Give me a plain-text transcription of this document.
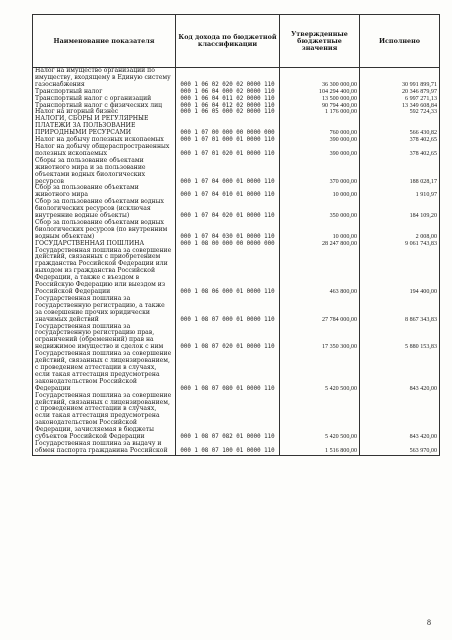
Наименование показателя	Код дохода по бюджетной классификации	Утвержденные бюджетные значения	Исполнено
Налог на имущество организаций по имуществу, входящему в Единую систему газоснабжения	000 1 06 02 020 02 0000 110	36 300 000,00	30 991 899,71
Транспортный налог	000 1 06 04 000 02 0000 110	104 294 400,00	20 346 879,97
Транспортный налог с организаций	000 1 06 04 011 02 0000 110	13 500 000,00	6 997 271,13
Транспортный налог с физических лиц	000 1 06 04 012 02 0000 110	90 794 400,00	13 349 608,84
Налог на игорный бизнес	000 1 06 05 000 02 0000 110	1 176 000,00	592 724,33
НАЛОГИ, СБОРЫ И РЕГУЛЯРНЫЕ ПЛАТЕЖИ ЗА ПОЛЬЗОВАНИЕ ПРИРОДНЫМИ РЕСУРСАМИ	000 1 07 00 000 00 0000 000	760 000,00	566 430,82
Налог на добычу полезных ископаемых	000 1 07 01 000 01 0000 110	390 000,00	378 402,65
Налог на добычу общераспространенных полезных ископаемых	000 1 07 01 020 01 0000 110	390 000,00	378 402,65
Сборы за пользование объектами животного мира и за пользование объектами водных биологических ресурсов	000 1 07 04 000 01 0000 110	370 000,00	188 028,17
Сбор за пользование объектами животного мира	000 1 07 04 010 01 0000 110	10 000,00	1 910,97
Сбор за пользование объектами водных биологических ресурсов (исключая внутренние водные объекты)	000 1 07 04 020 01 0000 110	350 000,00	184 109,20
Сбор за пользование объектами водных биологических ресурсов (по внутренним водным объектам)	000 1 07 04 030 01 0000 110	10 000,00	2 008,00
ГОСУДАРСТВЕННАЯ ПОШЛИНА	000 1 08 00 000 00 0000 000	28 247 800,00	9 061 743,83
Государственная пошлина за совершение действий, связанных с приобретением гражданства Российской Федерации или выходом из гражданства Российской Федерации, а также с въездом в Российскую Федерацию или выездом из Российской Федерации	000 1 08 06 000 01 0000 110	463 800,00	194 400,00
Государственная пошлина за государственную регистрацию, а также за совершение прочих юридически значимых действий	000 1 08 07 000 01 0000 110	27 784 000,00	8 867 343,83
Государственная пошлина за государственную регистрацию прав, ограничений (обременений) прав на недвижимое имущество и сделок с ним	000 1 08 07 020 01 0000 110	17 350 300,00	5 880 153,83
Государственная пошлина за совершение действий, связанных с лицензированием, с проведением аттестации в случаях, если такая аттестация предусмотрена законодательством Российской Федерации	000 1 08 07 080 01 0000 110	5 420 500,00	843 420,00
Государственная пошлина за совершение действий, связанных с лицензированием, с проведением аттестации в случаях, если такая аттестация предусмотрена законодательством Российской Федерации, зачисляемая в бюджеты субъектов Российской Федерации	000 1 08 07 082 01 0000 110	5 420 500,00	843 420,00
Государственная пошлина за выдачу и обмен паспорта гражданина Российской	000 1 08 07 100 01 0000 110	1 516 800,00	563 970,00
8
